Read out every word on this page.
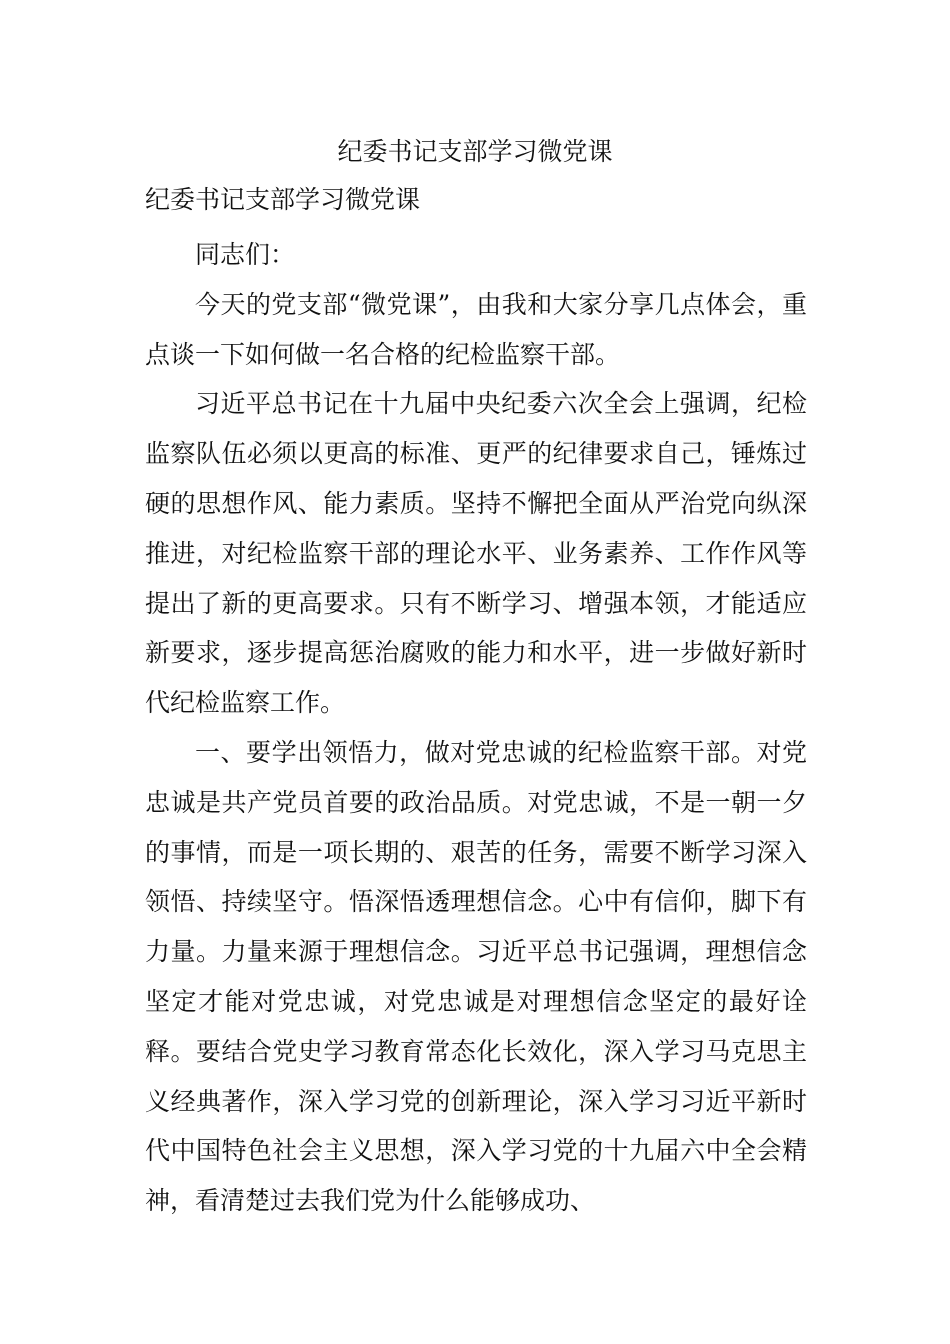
纪委书记支部学习微党课
纪委书记支部学习微党课

同志们：

今天的党支部“微党课”，由我和大家分享几点体会，重点谈一下如何做一名合格的纪检监察干部。

习近平总书记在十九届中央纪委六次全会上强调，纪检监察队伍必须以更高的标准、更严的纪律要求自己，锤炼过硬的思想作风、能力素质。坚持不懈把全面从严治党向纵深推进，对纪检监察干部的理论水平、业务素养、工作作风等提出了新的更高要求。只有不断学习、增强本领，才能适应新要求，逐步提高惩治腐败的能力和水平，进一步做好新时代纪检监察工作。

一、要学出领悟力，做对党忠诚的纪检监察干部。对党忠诚是共产党员首要的政治品质。对党忠诚，不是一朝一夕的事情，而是一项长期的、艰苦的任务，需要不断学习深入领悟、持续坚守。悟深悟透理想信念。心中有信仰，脚下有力量。力量来源于理想信念。习近平总书记强调，理想信念坚定才能对党忠诚，对党忠诚是对理想信念坚定的最好诠释。要结合党史学习教育常态化长效化，深入学习马克思主义经典著作，深入学习党的创新理论，深入学习习近平新时代中国特色社会主义思想，深入学习党的十九届六中全会精神，看清楚过去我们党为什么能够成功、
